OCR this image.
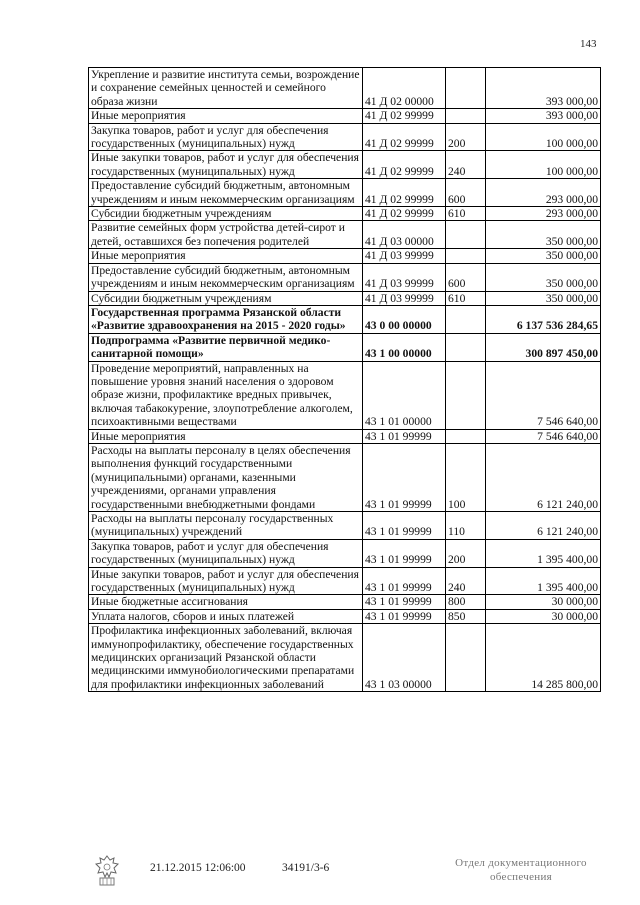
143
Укрепление и развитие института семьи, возрождение и сохранение семейных ценностей и семейного образа жизни	41 Д 02 00000		393 000,00
Иные мероприятия	41 Д 02 99999		393 000,00
Закупка товаров, работ и услуг для обеспечения государственных (муниципальных) нужд	41 Д 02 99999	200	100 000,00
Иные закупки товаров, работ и услуг для обеспечения государственных (муниципальных) нужд	41 Д 02 99999	240	100 000,00
Предоставление субсидий бюджетным, автономным учреждениям и иным некоммерческим организациям	41 Д 02 99999	600	293 000,00
Субсидии бюджетным учреждениям	41 Д 02 99999	610	293 000,00
Развитие семейных форм устройства детей-сирот и детей, оставшихся без попечения родителей	41 Д 03 00000		350 000,00
Иные мероприятия	41 Д 03 99999		350 000,00
Предоставление субсидий бюджетным, автономным учреждениям и иным некоммерческим организациям	41 Д 03 99999	600	350 000,00
Субсидии бюджетным учреждениям	41 Д 03 99999	610	350 000,00
Государственная программа Рязанской области «Развитие здравоохранения на 2015 - 2020 годы»	43 0 00 00000		6 137 536 284,65
Подпрограмма «Развитие первичной медико-санитарной помощи»	43 1 00 00000		300 897 450,00
Проведение мероприятий, направленных на повышение уровня знаний населения о здоровом образе жизни, профилактике вредных привычек, включая табакокурение, злоупотребление алкоголем, психоактивными веществами	43 1 01 00000		7 546 640,00
Иные мероприятия	43 1 01 99999		7 546 640,00
Расходы на выплаты персоналу в целях обеспечения выполнения функций государственными (муниципальными) органами, казенными учреждениями, органами управления государственными внебюджетными фондами	43 1 01 99999	100	6 121 240,00
Расходы на выплаты персоналу государственных (муниципальных) учреждений	43 1 01 99999	110	6 121 240,00
Закупка товаров, работ и услуг для обеспечения государственных (муниципальных) нужд	43 1 01 99999	200	1 395 400,00
Иные закупки товаров, работ и услуг для обеспечения государственных (муниципальных) нужд	43 1 01 99999	240	1 395 400,00
Иные бюджетные ассигнования	43 1 01 99999	800	30 000,00
Уплата налогов, сборов и иных платежей	43 1 01 99999	850	30 000,00
Профилактика инфекционных заболеваний, включая иммунопрофилактику, обеспечение государственных медицинских организаций Рязанской области медицинскими иммунобиологическими препаратами для профилактики инфекционных заболеваний	43 1 03 00000		14 285 800,00
21.12.2015 12:06:00	34191/3-6	Отдел документационного
обеспечения
